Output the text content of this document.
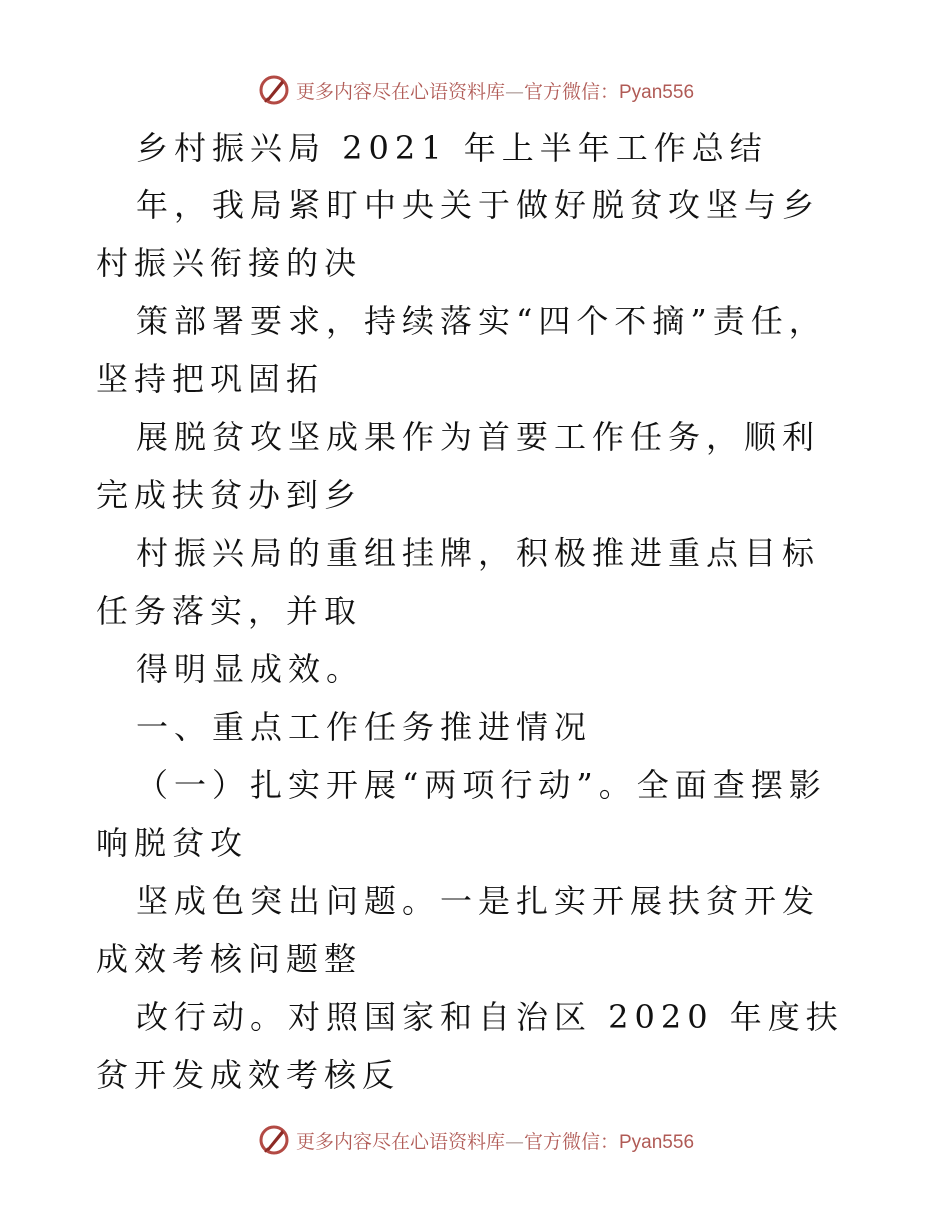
更多内容尽在心语资料库—官方微信：Pyan556

乡村振兴局 2021 年上半年工作总结

年，我局紧盯中央关于做好脱贫攻坚与乡村振兴衔接的决

策部署要求，持续落实“四个不摘”责任，坚持把巩固拓

展脱贫攻坚成果作为首要工作任务，顺利完成扶贫办到乡

村振兴局的重组挂牌，积极推进重点目标任务落实，并取

得明显成效。

一、重点工作任务推进情况

（一）扎实开展“两项行动”。全面查摆影响脱贫攻

坚成色突出问题。一是扎实开展扶贫开发成效考核问题整

改行动。对照国家和自治区 2020 年度扶贫开发成效考核反

更多内容尽在心语资料库—官方微信：Pyan556
